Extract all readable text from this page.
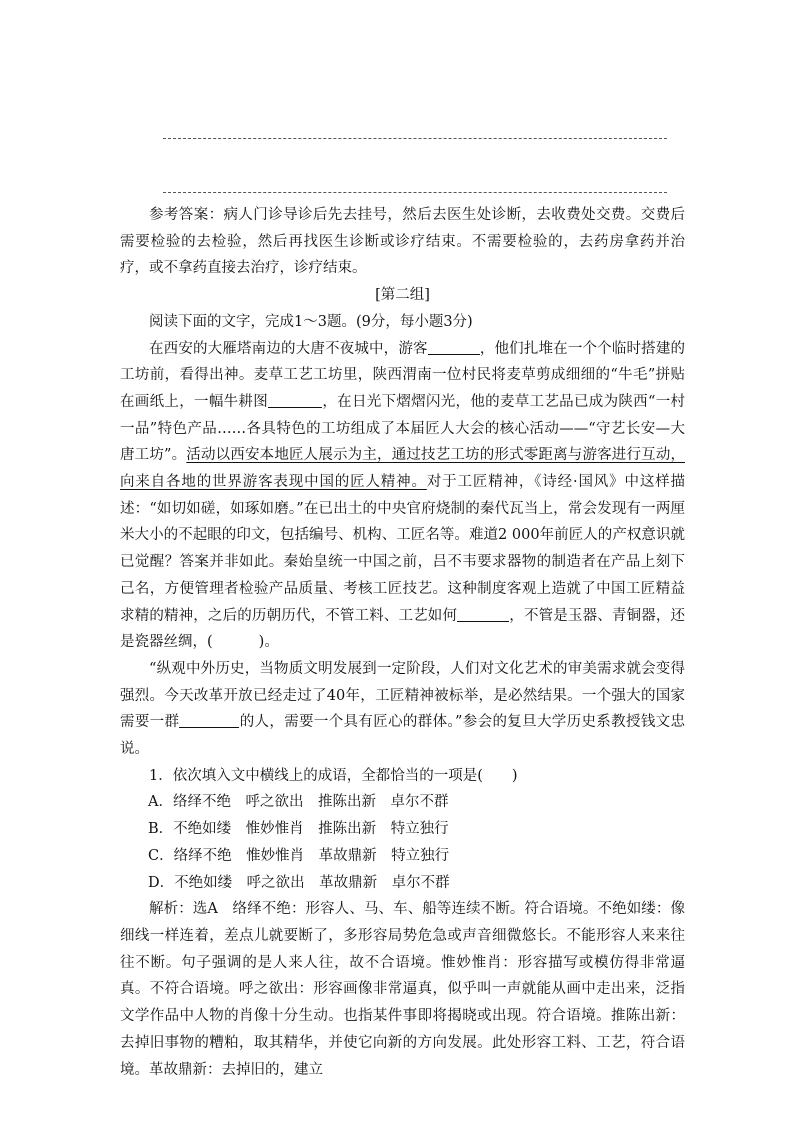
参考答案：病人门诊导诊后先去挂号，然后去医生处诊断，去收费处交费。交费后需要检验的去检验，然后再找医生诊断或诊疗结束。不需要检验的，去药房拿药并治疗，或不拿药直接去治疗，诊疗结束。

[第二组]

阅读下面的文字，完成1～3题。(9分，每小题3分)

在西安的大雁塔南边的大唐不夜城中，游客	，他们扎堆在一个个临时搭建的工坊前，看得出神。麦草工艺工坊里，陕西渭南一位村民将麦草剪成细细的“牛毛”拼贴在画纸上，一幅牛耕图	，在日光下熠熠闪光，他的麦草工艺品已成为陕西“一村一品”特色产品……各具特色的工坊组成了本届匠人大会的核心活动——“守艺长安—大唐工坊”。活动以西安本地匠人展示为主，通过技艺工坊的形式零距离与游客进行互动，向来自各地的世界游客表现中国的匠人精神。对于工匠精神，《诗经·国风》中这样描述：“如切如磋，如琢如磨。”在已出土的中央官府烧制的秦代瓦当上，常会发现有一两厘米大小的不起眼的印文，包括编号、机构、工匠名等。难道2 000年前匠人的产权意识就已觉醒？答案并非如此。秦始皇统一中国之前，吕不韦要求器物的制造者在产品上刻下己名，方便管理者检验产品质量、考核工匠技艺。这种制度客观上造就了中国工匠精益求精的精神，之后的历朝历代，不管工料、工艺如何	，不管是玉器、青铜器，还是瓷器丝绸，(	)。

“纵观中外历史，当物质文明发展到一定阶段，人们对文化艺术的审美需求就会变得强烈。今天改革开放已经走过了40年，工匠精神被标举，是必然结果。一个强大的国家需要一群	的人，需要一个具有匠心的群体。”参会的复旦大学历史系教授钱文忠说。

1．依次填入文中横线上的成语，全都恰当的一项是(　　)

A．络绎不绝　呼之欲出　推陈出新　卓尔不群

B．不绝如缕　惟妙惟肖　推陈出新　特立独行

C．络绎不绝　惟妙惟肖　革故鼎新　特立独行

D．不绝如缕　呼之欲出　革故鼎新　卓尔不群

解析：选A　络绎不绝：形容人、马、车、船等连续不断。符合语境。不绝如缕：像细线一样连着，差点儿就要断了，多形容局势危急或声音细微悠长。不能形容人来来往往不断。句子强调的是人来人往，故不合语境。惟妙惟肖：形容描写或模仿得非常逼真。不符合语境。呼之欲出：形容画像非常逼真，似乎叫一声就能从画中走出来，泛指文学作品中人物的肖像十分生动。也指某件事即将揭晓或出现。符合语境。推陈出新：去掉旧事物的糟粕，取其精华，并使它向新的方向发展。此处形容工料、工艺，符合语境。革故鼎新：去掉旧的，建立
